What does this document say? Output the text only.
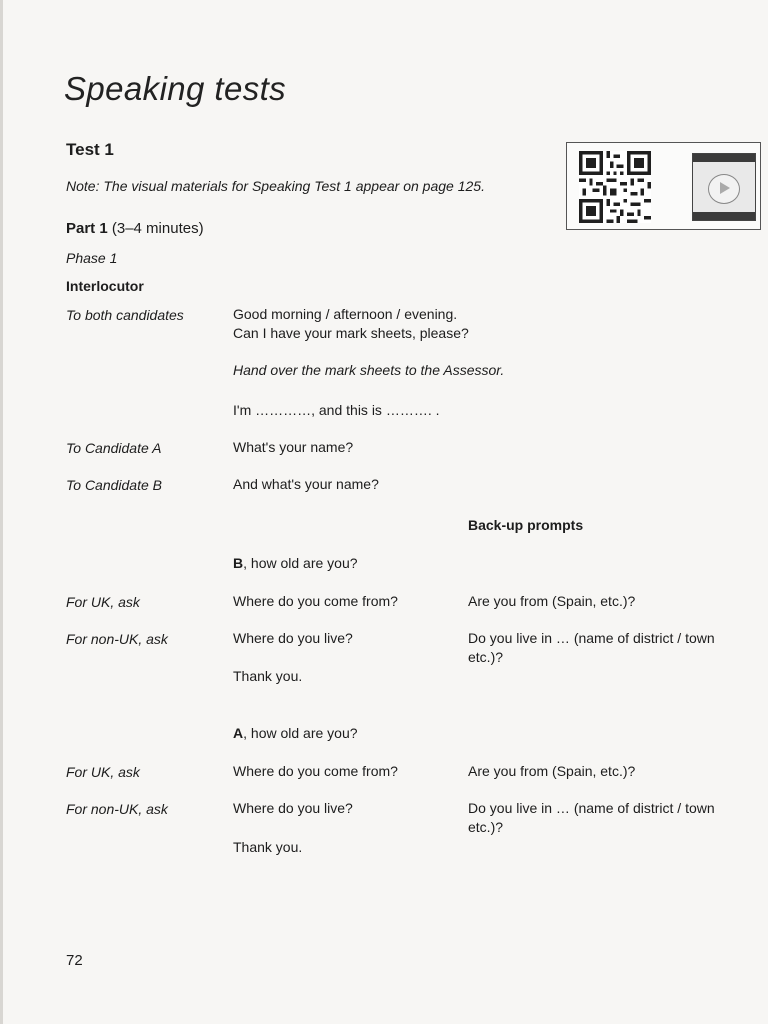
Speaking tests
Test 1
Note: The visual materials for Speaking Test 1 appear on page 125.
Part 1 (3–4 minutes)
Phase 1
Interlocutor
To both candidates	Good morning / afternoon / evening.
Can I have your mark sheets, please?
Hand over the mark sheets to the Assessor.
I'm …………, and this is ………. .
To Candidate A	What's your name?
To Candidate B	And what's your name?
Back-up prompts
B, how old are you?
For UK, ask	Where do you come from?	Are you from (Spain, etc.)?
For non-UK, ask	Where do you live?	Do you live in … (name of district / town etc.)?
Thank you.
A, how old are you?
For UK, ask	Where do you come from?	Are you from (Spain, etc.)?
For non-UK, ask	Where do you live?	Do you live in … (name of district / town etc.)?
Thank you.
72
